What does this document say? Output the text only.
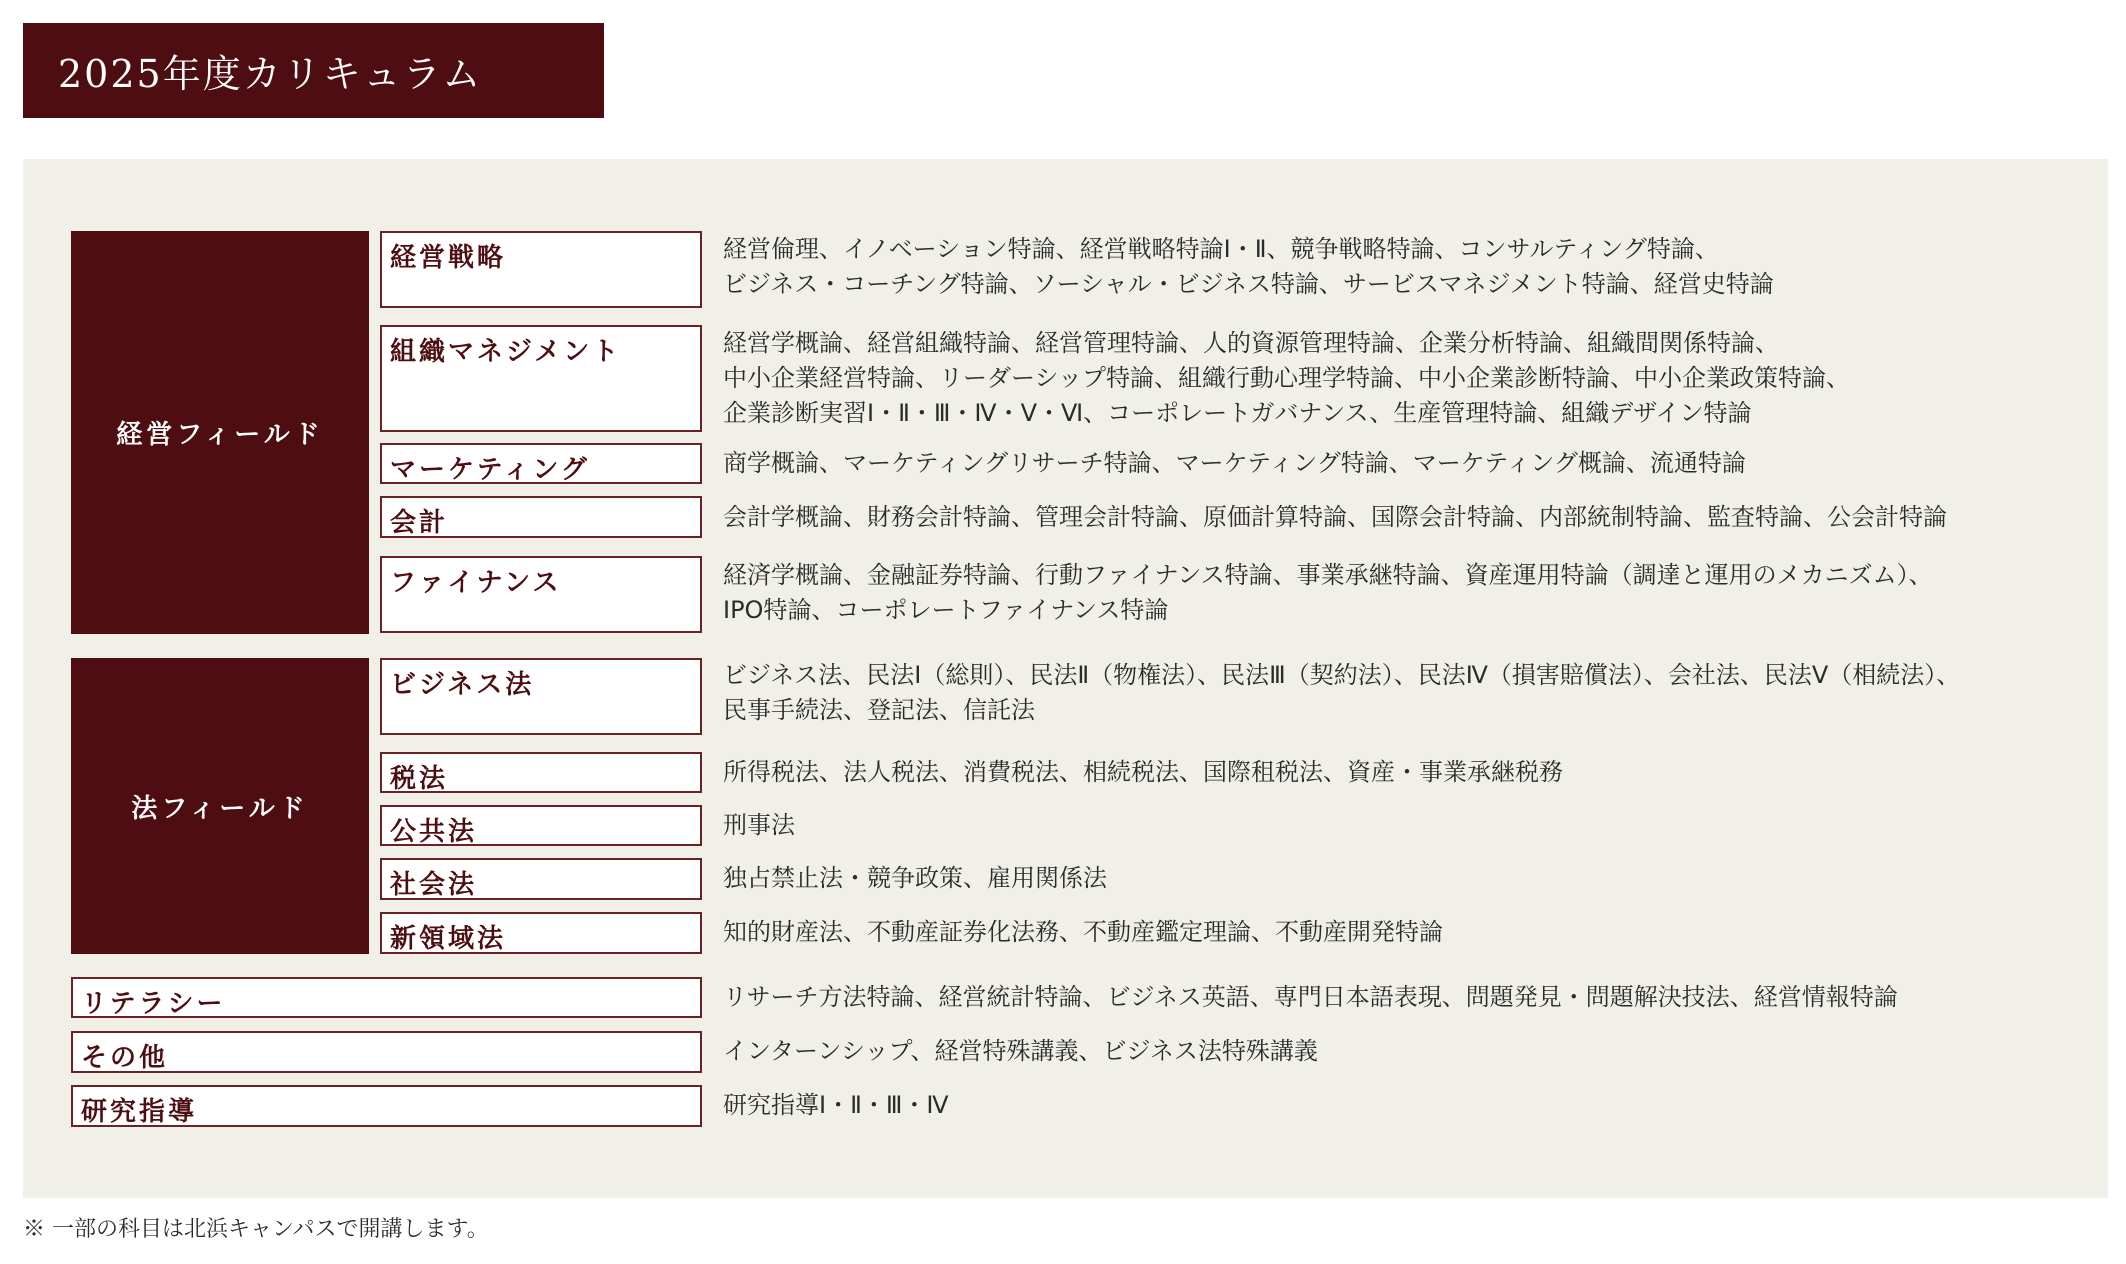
2025年度カリキュラム
経営フィールド
法フィールド
経営戦略
組織マネジメント
マーケティング
会計
ファイナンス
ビジネス法
税法
公共法
社会法
新領域法
リテラシー
その他
研究指導
経営倫理、イノベーション特論、経営戦略特論Ⅰ・Ⅱ、競争戦略特論、コンサルティング特論、
ビジネス・コーチング特論、ソーシャル・ビジネス特論、サービスマネジメント特論、経営史特論
経営学概論、経営組織特論、経営管理特論、人的資源管理特論、企業分析特論、組織間関係特論、
中小企業経営特論、リーダーシップ特論、組織行動心理学特論、中小企業診断特論、中小企業政策特論、
企業診断実習Ⅰ・Ⅱ・Ⅲ・Ⅳ・Ⅴ・Ⅵ、コーポレートガバナンス、生産管理特論、組織デザイン特論
商学概論、マーケティングリサーチ特論、マーケティング特論、マーケティング概論、流通特論
会計学概論、財務会計特論、管理会計特論、原価計算特論、国際会計特論、内部統制特論、監査特論、公会計特論
経済学概論、金融証券特論、行動ファイナンス特論、事業承継特論、資産運用特論（調達と運用のメカニズム）、
IPO特論、コーポレートファイナンス特論
ビジネス法、民法Ⅰ（総則）、民法Ⅱ（物権法）、民法Ⅲ（契約法）、民法Ⅳ（損害賠償法）、会社法、民法Ⅴ（相続法）、
民事手続法、登記法、信託法
所得税法、法人税法、消費税法、相続税法、国際租税法、資産・事業承継税務
刑事法
独占禁止法・競争政策、雇用関係法
知的財産法、不動産証券化法務、不動産鑑定理論、不動産開発特論
リサーチ方法特論、経営統計特論、ビジネス英語、専門日本語表現、問題発見・問題解決技法、経営情報特論
インターンシップ、経営特殊講義、ビジネス法特殊講義
研究指導Ⅰ・Ⅱ・Ⅲ・Ⅳ
※ 一部の科目は北浜キャンパスで開講します。
